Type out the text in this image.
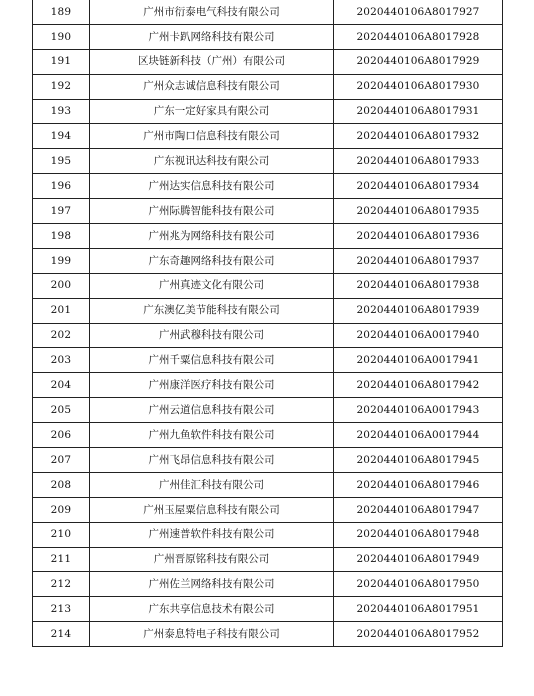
189	广州市衍泰电气科技有限公司	2020440106A8017927
190	广州卡趴网络科技有限公司	2020440106A8017928
191	区块链新科技（广州）有限公司	2020440106A8017929
192	广州众志诚信息科技有限公司	2020440106A8017930
193	广东一定好家具有限公司	2020440106A8017931
194	广州市陶口信息科技有限公司	2020440106A8017932
195	广东视讯达科技有限公司	2020440106A8017933
196	广州达实信息科技有限公司	2020440106A8017934
197	广州际腾智能科技有限公司	2020440106A8017935
198	广州兆为网络科技有限公司	2020440106A8017936
199	广东奇趣网络科技有限公司	2020440106A8017937
200	广州真迹文化有限公司	2020440106A8017938
201	广东澳亿美节能科技有限公司	2020440106A8017939
202	广州武穆科技有限公司	2020440106A0017940
203	广州千粟信息科技有限公司	2020440106A0017941
204	广州康洋医疗科技有限公司	2020440106A8017942
205	广州云道信息科技有限公司	2020440106A0017943
206	广州九鱼软件科技有限公司	2020440106A0017944
207	广州飞昂信息科技有限公司	2020440106A8017945
208	广州佳汇科技有限公司	2020440106A8017946
209	广州玉屋粟信息科技有限公司	2020440106A8017947
210	广州速普软件科技有限公司	2020440106A8017948
211	广州晋原铭科技有限公司	2020440106A8017949
212	广州佐兰网络科技有限公司	2020440106A8017950
213	广东共享信息技术有限公司	2020440106A8017951
214	广州泰息特电子科技有限公司	2020440106A8017952
